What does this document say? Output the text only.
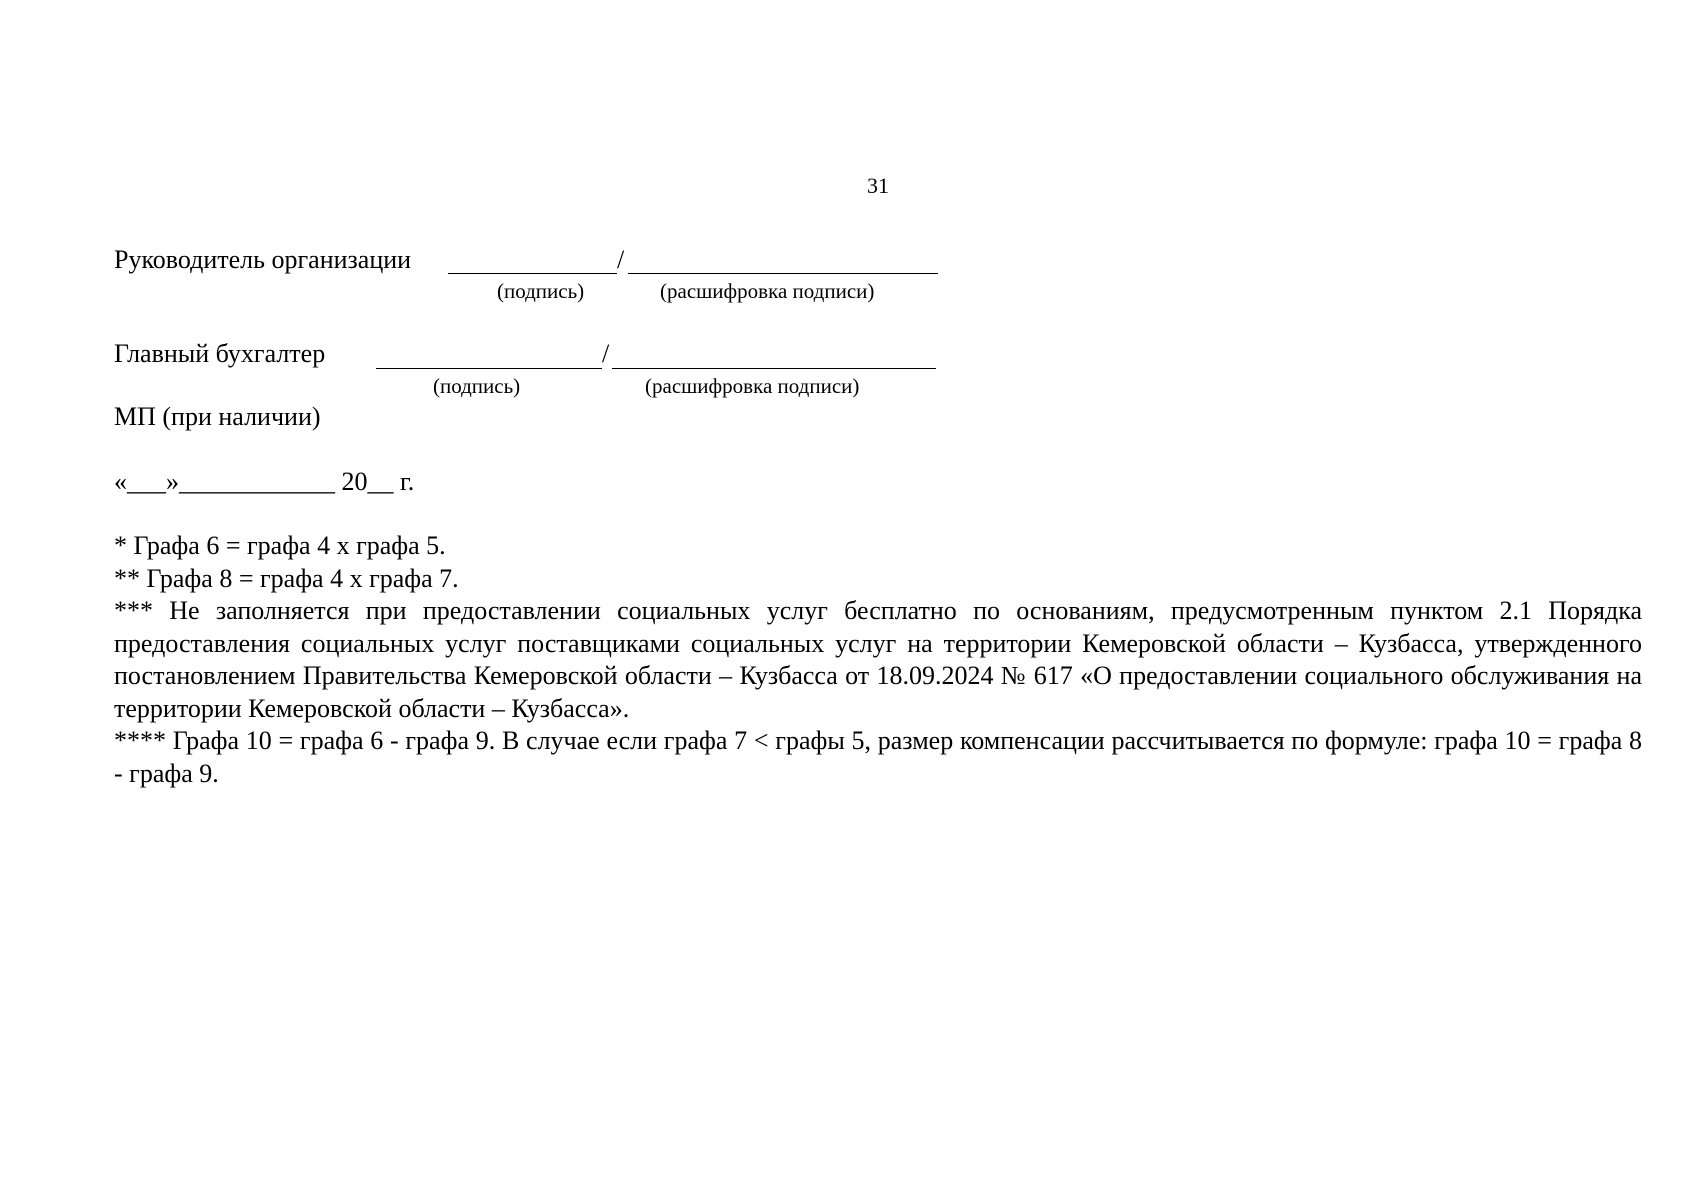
31
Руководитель организации	/
(подпись)	(расшифровка подписи)
Главный бухгалтер	/
(подпись)	(расшифровка подписи)
МП (при наличии)
«___»____________ 20__ г.

* Графа 6 = графа 4 х графа 5.

** Графа 8 = графа 4 х графа 7.

*** Не заполняется при предоставлении социальных услуг бесплатно по основаниям, предусмотренным пунктом 2.1 Порядка предоставления социальных услуг поставщиками социальных услуг на территории Кемеровской области – Кузбасса, утвержденного постановлением Правительства Кемеровской области – Кузбасса от 18.09.2024 № 617 «О предоставлении социального обслуживания на территории Кемеровской области – Кузбасса».

**** Графа 10 = графа 6 - графа 9. В случае если графа 7 < графы 5, размер компенсации рассчитывается по формуле: графа 10 = графа 8 - графа 9.
